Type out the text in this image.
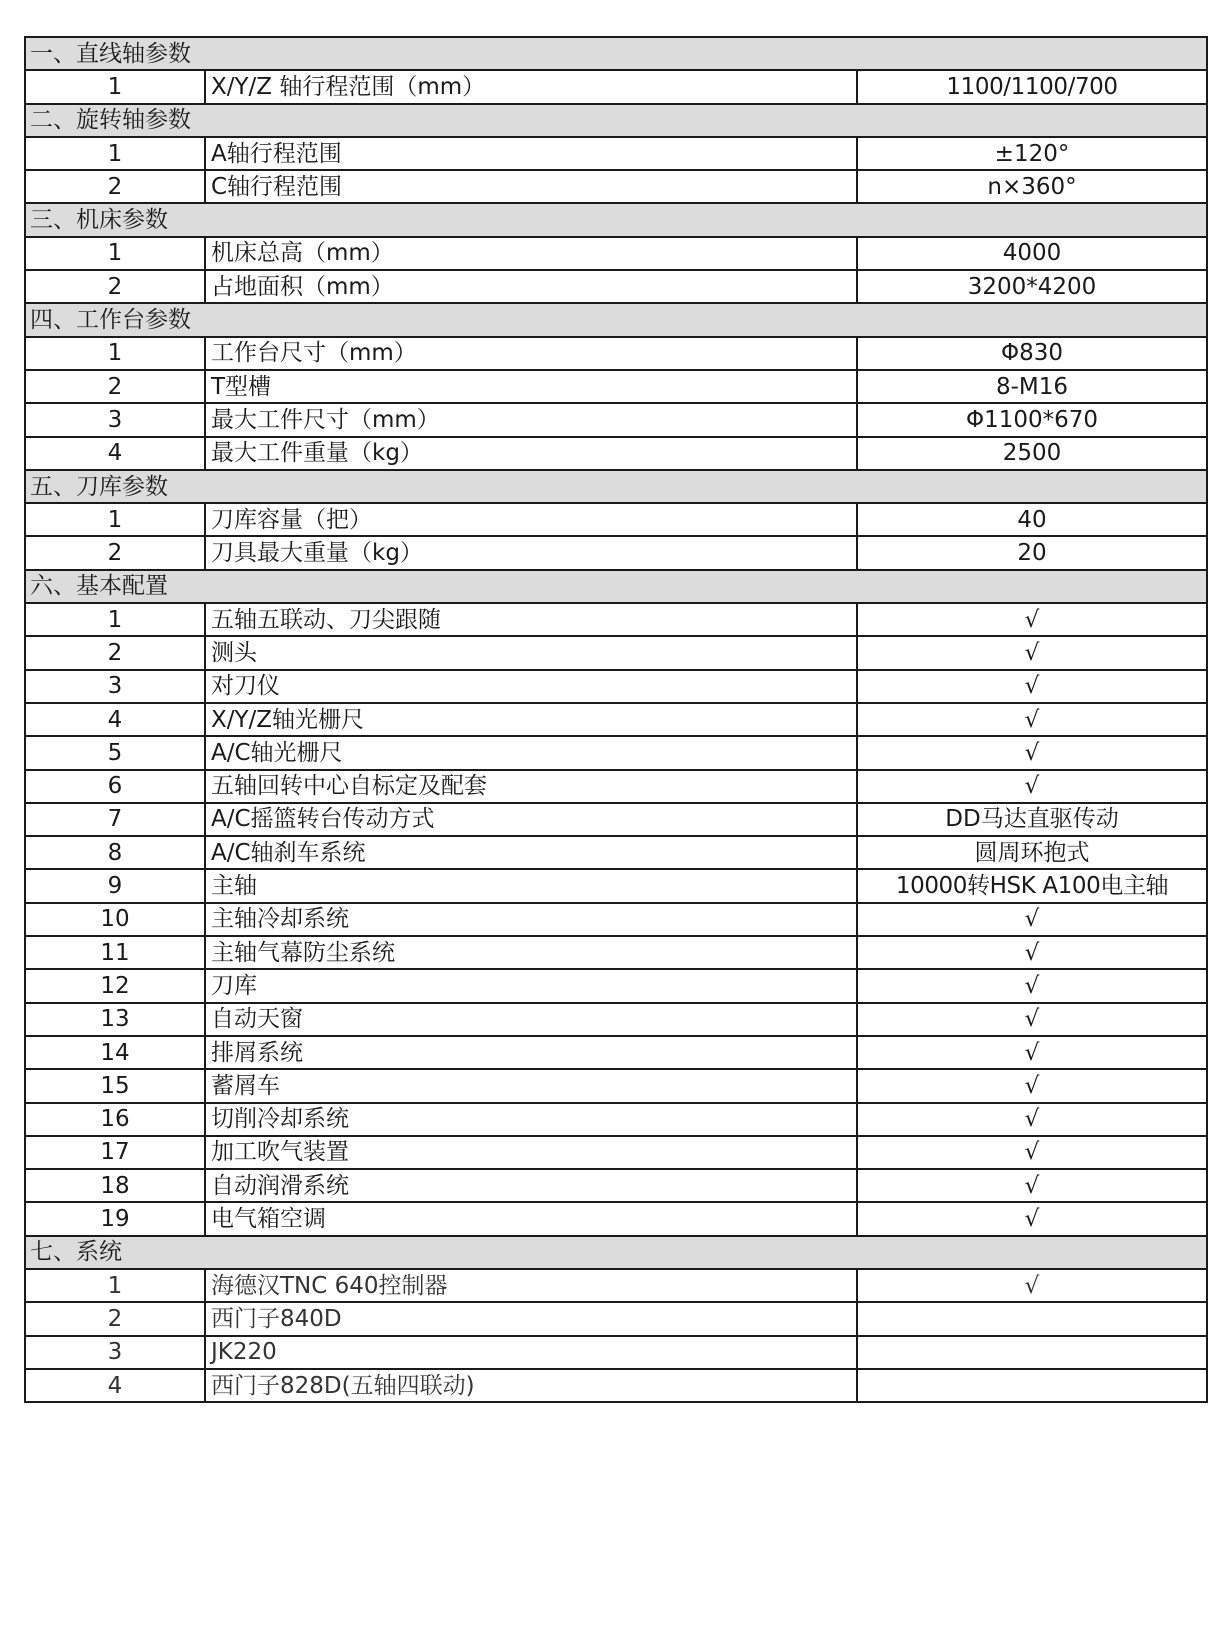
一、直线轴参数		
1	X/Y/Z 轴行程范围（mm）	1100/1100/700
二、旋转轴参数		
1	A轴行程范围	±120°
2	C轴行程范围	n×360°
三、机床参数		
1	机床总高（mm）	4000
2	占地面积（mm）	3200*4200
四、工作台参数		
1	工作台尺寸（mm）	Φ830
2	T型槽	8-M16
3	最大工件尺寸（mm）	Φ1100*670
4	最大工件重量（kg）	2500
五、刀库参数		
1	刀库容量（把）	40
2	刀具最大重量（kg）	20
六、基本配置		
1	五轴五联动、刀尖跟随	√
2	测头	√
3	对刀仪	√
4	X/Y/Z轴光栅尺	√
5	A/C轴光栅尺	√
6	五轴回转中心自标定及配套	√
7	A/C摇篮转台传动方式	DD马达直驱传动
8	A/C轴刹车系统	圆周环抱式
9	主轴	10000转HSK A100电主轴
10	主轴冷却系统	√
11	主轴气幕防尘系统	√
12	刀库	√
13	自动天窗	√
14	排屑系统	√
15	蓄屑车	√
16	切削冷却系统	√
17	加工吹气装置	√
18	自动润滑系统	√
19	电气箱空调	√
七、系统		
1	海德汉TNC 640控制器	√
2	西门子840D	
3	JK220	
4	西门子828D(五轴四联动)	
